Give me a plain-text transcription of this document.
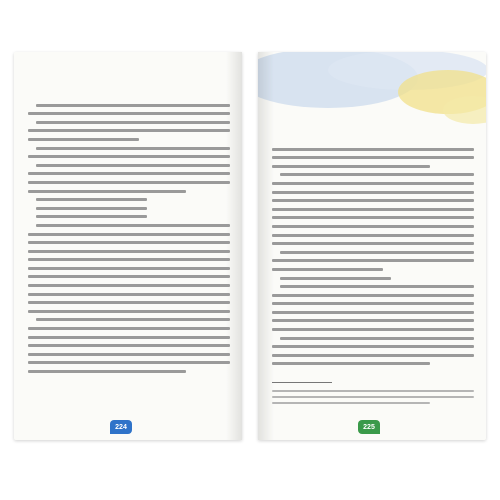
224	225
